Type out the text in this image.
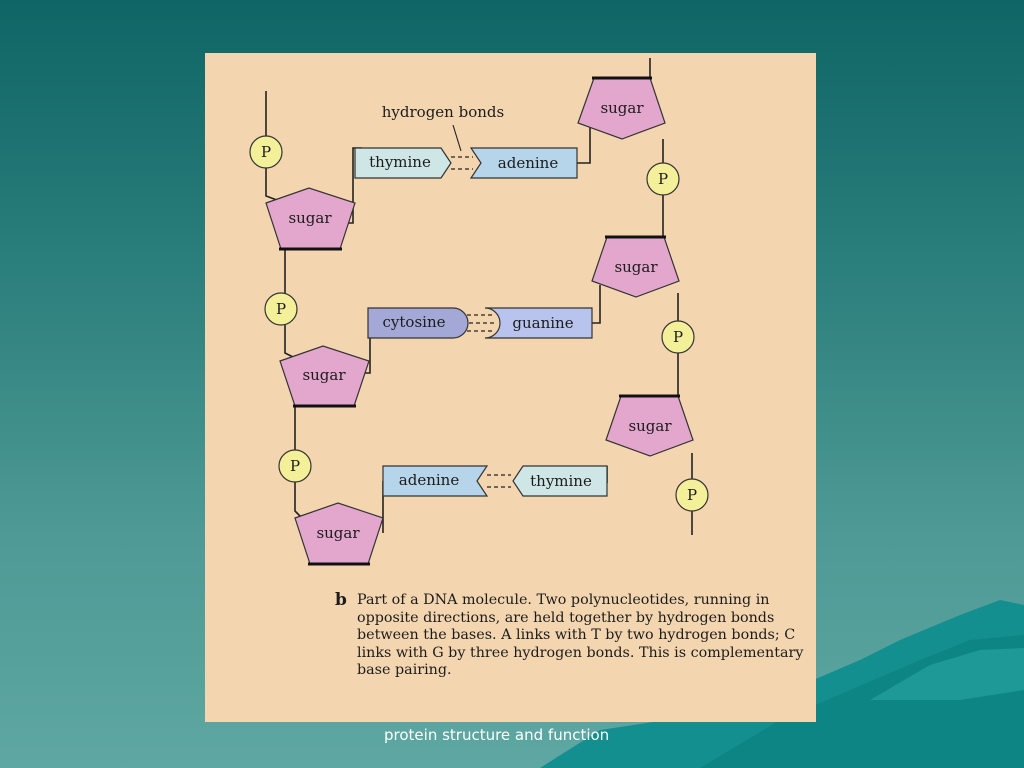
sugar
sugar
sugar
sugar
sugar
sugar
P
P
P
P
P
P
thymine	adenine
hydrogen bonds
cytosine	guanine
adenine	thymine
b Part of a DNA molecule. Two polynucleotides, running in opposite directions, are held together by hydrogen bonds between the bases. A links with T by two hydrogen bonds; C links with G by three hydrogen bonds. This is complementary base pairing.
protein structure and function
